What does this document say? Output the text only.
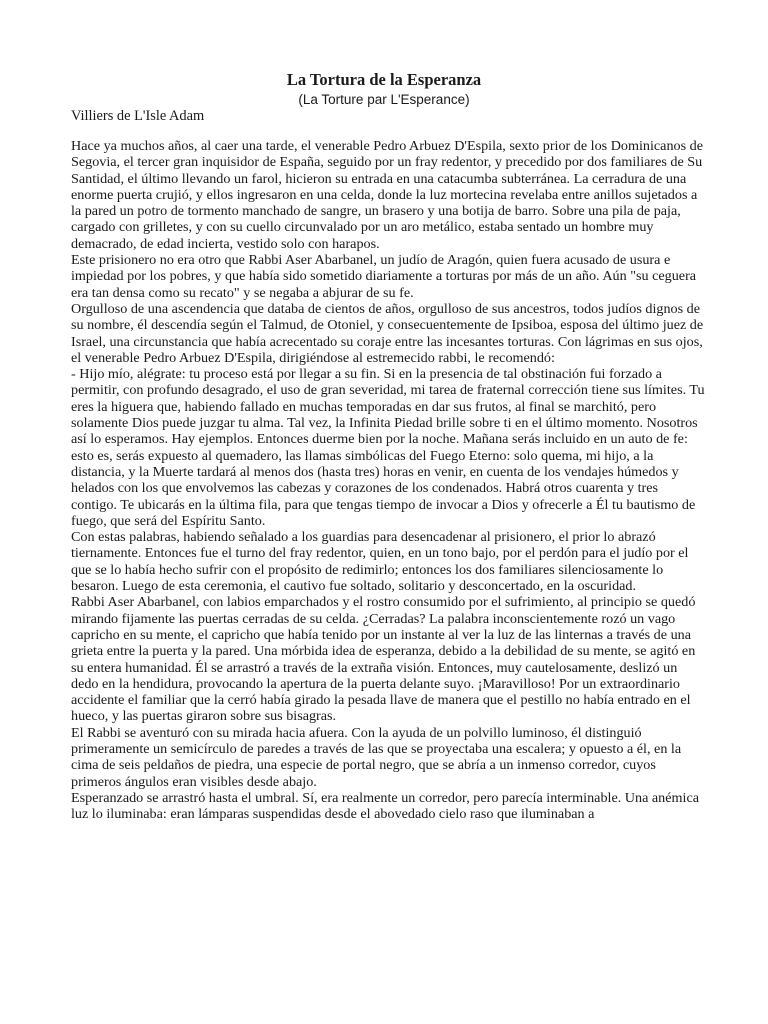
La Tortura de la Esperanza
(La Torture par L'Esperance)
Villiers de L'Isle Adam

Hace ya muchos años, al caer una tarde, el venerable Pedro Arbuez D'Espila, sexto prior de los Dominicanos de Segovia, el tercer gran inquisidor de España, seguido por un fray redentor, y precedido por dos familiares de Su Santidad, el último llevando un farol, hicieron su entrada en una catacumba subterránea. La cerradura de una enorme puerta crujió, y ellos ingresaron en una celda, donde la luz mortecina revelaba entre anillos sujetados a la pared un potro de tormento manchado de sangre, un brasero y una botija de barro. Sobre una pila de paja, cargado con grilletes, y con su cuello circunvalado por un aro metálico, estaba sentado un hombre muy demacrado, de edad incierta, vestido solo con harapos.

Este prisionero no era otro que Rabbi Aser Abarbanel, un judío de Aragón, quien fuera acusado de usura e impiedad por los pobres, y que había sido sometido diariamente a torturas por más de un año. Aún "su ceguera era tan densa como su recato" y se negaba a abjurar de su fe.

Orgulloso de una ascendencia que databa de cientos de años, orgulloso de sus ancestros, todos judíos dignos de su nombre, él descendía según el Talmud, de Otoniel, y consecuentemente de Ipsiboa, esposa del último juez de Israel, una circunstancia que había acrecentado su coraje entre las incesantes torturas. Con lágrimas en sus ojos, el venerable Pedro Arbuez D'Espila, dirigiéndose al estremecido rabbi, le recomendó:

- Hijo mío, alégrate: tu proceso está por llegar a su fin. Si en la presencia de tal obstinación fui forzado a permitir, con profundo desagrado, el uso de gran severidad, mi tarea de fraternal corrección tiene sus límites. Tu eres la higuera que, habiendo fallado en muchas temporadas en dar sus frutos, al final se marchitó, pero solamente Dios puede juzgar tu alma. Tal vez, la Infinita Piedad brille sobre ti en el último momento. Nosotros así lo esperamos. Hay ejemplos. Entonces duerme bien por la noche. Mañana serás incluido en un auto de fe: esto es, serás expuesto al quemadero, las llamas simbólicas del Fuego Eterno: solo quema, mi hijo, a la distancia, y la Muerte tardará al menos dos (hasta tres) horas en venir, en cuenta de los vendajes húmedos y helados con los que envolvemos las cabezas y corazones de los condenados. Habrá otros cuarenta y tres contigo. Te ubicarás en la última fila, para que tengas tiempo de invocar a Dios y ofrecerle a Él tu bautismo de fuego, que será del Espíritu Santo.

Con estas palabras, habiendo señalado a los guardias para desencadenar al prisionero, el prior lo abrazó tiernamente. Entonces fue el turno del fray redentor, quien, en un tono bajo, por el perdón para el judío por el que se lo había hecho sufrir con el propósito de redimirlo; entonces los dos familiares silenciosamente lo besaron. Luego de esta ceremonia, el cautivo fue soltado, solitario y desconcertado, en la oscuridad.

Rabbi Aser Abarbanel, con labios emparchados y el rostro consumido por el sufrimiento, al principio se quedó mirando fijamente las puertas cerradas de su celda. ¿Cerradas? La palabra inconscientemente rozó un vago capricho en su mente, el capricho que había tenido por un instante al ver la luz de las linternas a través de una grieta entre la puerta y la pared. Una mórbida idea de esperanza, debido a la debilidad de su mente, se agitó en su entera humanidad. Él se arrastró a través de la extraña visión. Entonces, muy cautelosamente, deslizó un dedo en la hendidura, provocando la apertura de la puerta delante suyo. ¡Maravilloso! Por un extraordinario accidente el familiar que la cerró había girado la pesada llave de manera que el pestillo no había entrado en el hueco, y las puertas giraron sobre sus bisagras.

El Rabbi se aventuró con su mirada hacia afuera. Con la ayuda de un polvillo luminoso, él distinguió primeramente un semicírculo de paredes a través de las que se proyectaba una escalera; y opuesto a él, en la cima de seis peldaños de piedra, una especie de portal negro, que se abría a un inmenso corredor, cuyos primeros ángulos eran visibles desde abajo.

Esperanzado se arrastró hasta el umbral. Sí, era realmente un corredor, pero parecía interminable. Una anémica luz lo iluminaba: eran lámparas suspendidas desde el abovedado cielo raso que iluminaban a
